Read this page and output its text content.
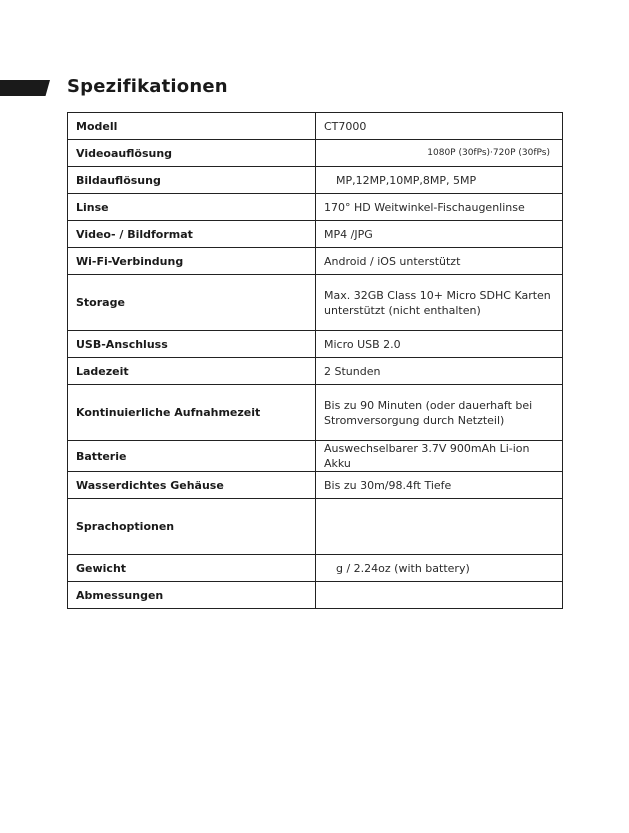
Spezifikationen
Modell	CT7000
Videoauflösung	1080P (30fPs)·720P (30fPs)
Bildauflösung	MP,12MP,10MP,8MP, 5MP
Linse	170° HD Weitwinkel-Fischaugenlinse
Video- / Bildformat	MP4 /JPG
Wi-Fi-Verbindung	Android / iOS unterstützt
Storage	Max. 32GB Class 10+ Micro SDHC Karten
unterstützt (nicht enthalten)
USB-Anschluss	Micro USB 2.0
Ladezeit	2 Stunden
Kontinuierliche Aufnahmezeit	Bis zu 90 Minuten (oder dauerhaft bei
Stromversorgung durch Netzteil)
Batterie	Auswechselbarer 3.7V 900mAh Li-ion Akku
Wasserdichtes Gehäuse	Bis zu 30m/98.4ft Tiefe
Sprachoptionen	
Gewicht	g / 2.24oz (with battery)
Abmessungen	
